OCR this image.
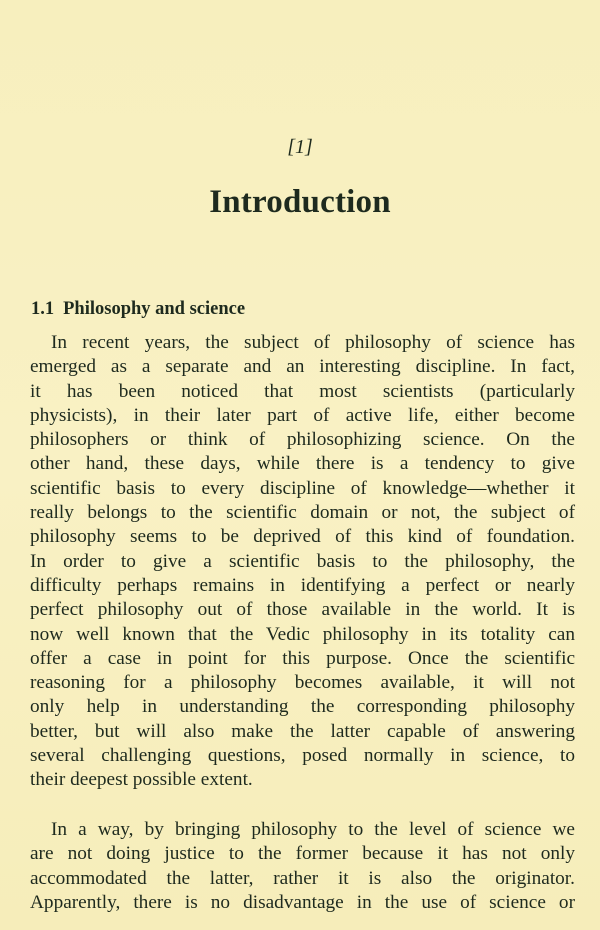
[1]
Introduction
1.1 Philosophy and science
In recent years, the subject of philosophy of science has
emerged as a separate and an interesting discipline. In fact,
it has been noticed that most scientists (particularly
physicists), in their later part of active life, either become
philosophers or think of philosophizing science. On the
other hand, these days, while there is a tendency to give
scientific basis to every discipline of knowledge—whether it
really belongs to the scientific domain or not, the subject of
philosophy seems to be deprived of this kind of foundation.
In order to give a scientific basis to the philosophy, the
difficulty perhaps remains in identifying a perfect or nearly
perfect philosophy out of those available in the world. It is
now well known that the Vedic philosophy in its totality can
offer a case in point for this purpose. Once the scientific
reasoning for a philosophy becomes available, it will not
only help in understanding the corresponding philosophy
better, but will also make the latter capable of answering
several challenging questions, posed normally in science, to
their deepest possible extent.
In a way, by bringing philosophy to the level of science we
are not doing justice to the former because it has not only
accommodated the latter, rather it is also the originator.
Apparently, there is no disadvantage in the use of science or
